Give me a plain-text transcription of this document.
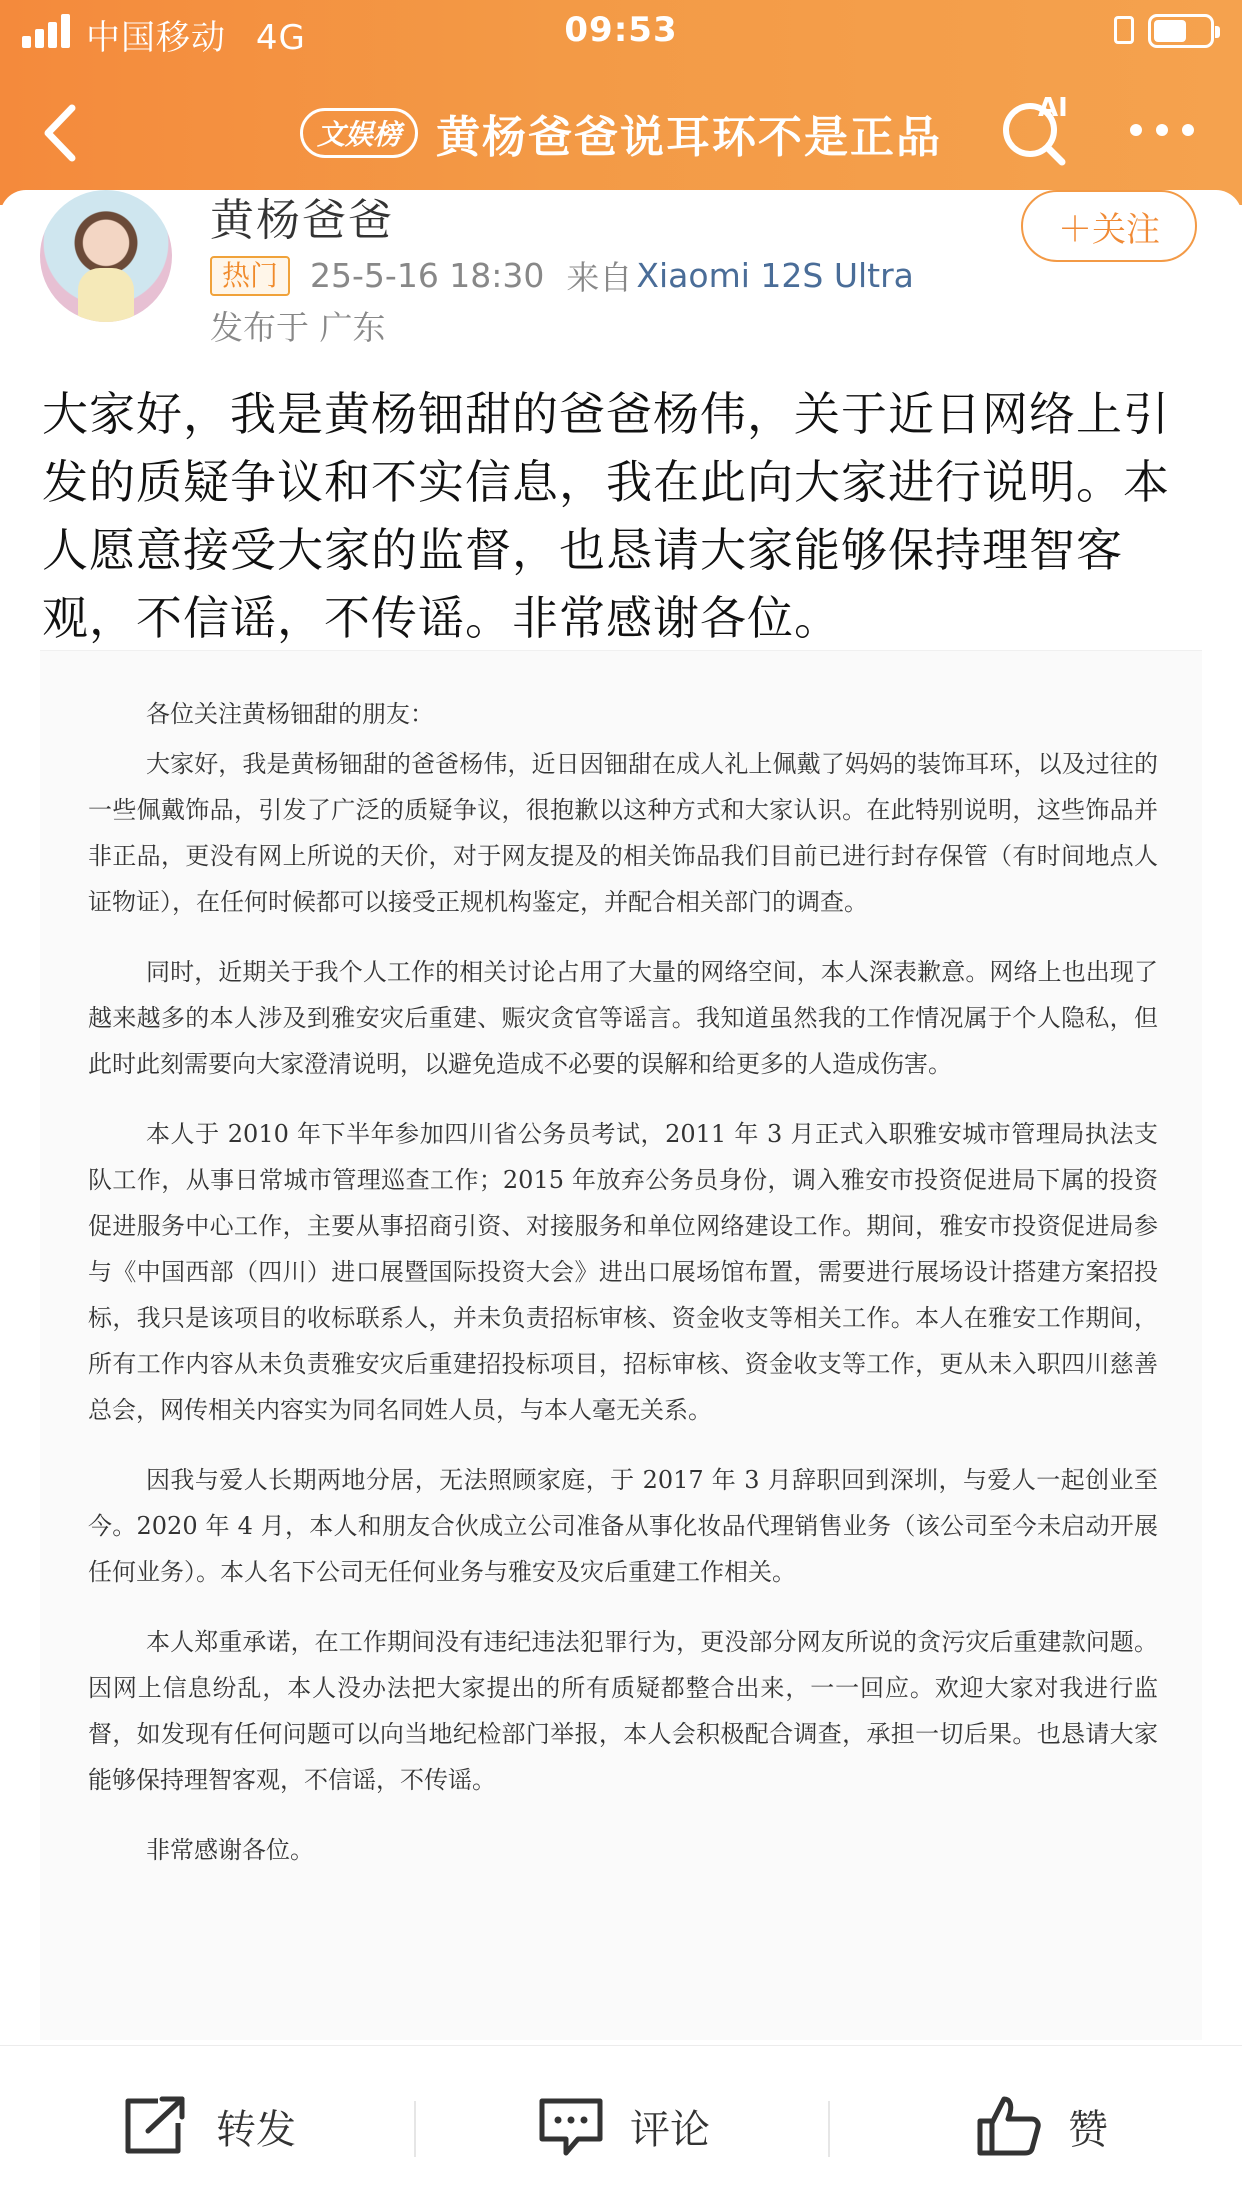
中国移动 4G	09:53
文娱榜 黄杨爸爸说耳环不是正品
AI
黄杨爸爸	＋关注
热门 25-5-16 18:30 来自 Xiaomi 12S Ultra
发布于 广东
大家好，我是黄杨钿甜的爸爸杨伟，关于近日网络上引发的质疑争议和不实信息，我在此向大家进行说明。本人愿意接受大家的监督，也恳请大家能够保持理智客观，不信谣，不传谣。非常感谢各位。
各位关注黄杨钿甜的朋友：

大家好，我是黄杨钿甜的爸爸杨伟，近日因钿甜在成人礼上佩戴了妈妈的装饰耳环，以及过往的一些佩戴饰品，引发了广泛的质疑争议，很抱歉以这种方式和大家认识。在此特别说明，这些饰品并非正品，更没有网上所说的天价，对于网友提及的相关饰品我们目前已进行封存保管（有时间地点人证物证），在任何时候都可以接受正规机构鉴定，并配合相关部门的调查。

同时，近期关于我个人工作的相关讨论占用了大量的网络空间，本人深表歉意。网络上也出现了越来越多的本人涉及到雅安灾后重建、赈灾贪官等谣言。我知道虽然我的工作情况属于个人隐私，但此时此刻需要向大家澄清说明，以避免造成不必要的误解和给更多的人造成伤害。

本人于 2010 年下半年参加四川省公务员考试，2011 年 3 月正式入职雅安城市管理局执法支队工作，从事日常城市管理巡查工作；2015 年放弃公务员身份，调入雅安市投资促进局下属的投资促进服务中心工作，主要从事招商引资、对接服务和单位网络建设工作。期间，雅安市投资促进局参与《中国西部（四川）进口展暨国际投资大会》进出口展场馆布置，需要进行展场设计搭建方案招投标，我只是该项目的收标联系人，并未负责招标审核、资金收支等相关工作。本人在雅安工作期间，所有工作内容从未负责雅安灾后重建招投标项目，招标审核、资金收支等工作，更从未入职四川慈善总会，网传相关内容实为同名同姓人员，与本人毫无关系。

因我与爱人长期两地分居，无法照顾家庭，于 2017 年 3 月辞职回到深圳，与爱人一起创业至今。2020 年 4 月，本人和朋友合伙成立公司准备从事化妆品代理销售业务（该公司至今未启动开展任何业务）。本人名下公司无任何业务与雅安及灾后重建工作相关。

本人郑重承诺，在工作期间没有违纪违法犯罪行为，更没部分网友所说的贪污灾后重建款问题。因网上信息纷乱，本人没办法把大家提出的所有质疑都整合出来，一一回应。欢迎大家对我进行监督，如发现有任何问题可以向当地纪检部门举报，本人会积极配合调查，承担一切后果。也恳请大家能够保持理智客观，不信谣，不传谣。

非常感谢各位。
转发	评论	赞
